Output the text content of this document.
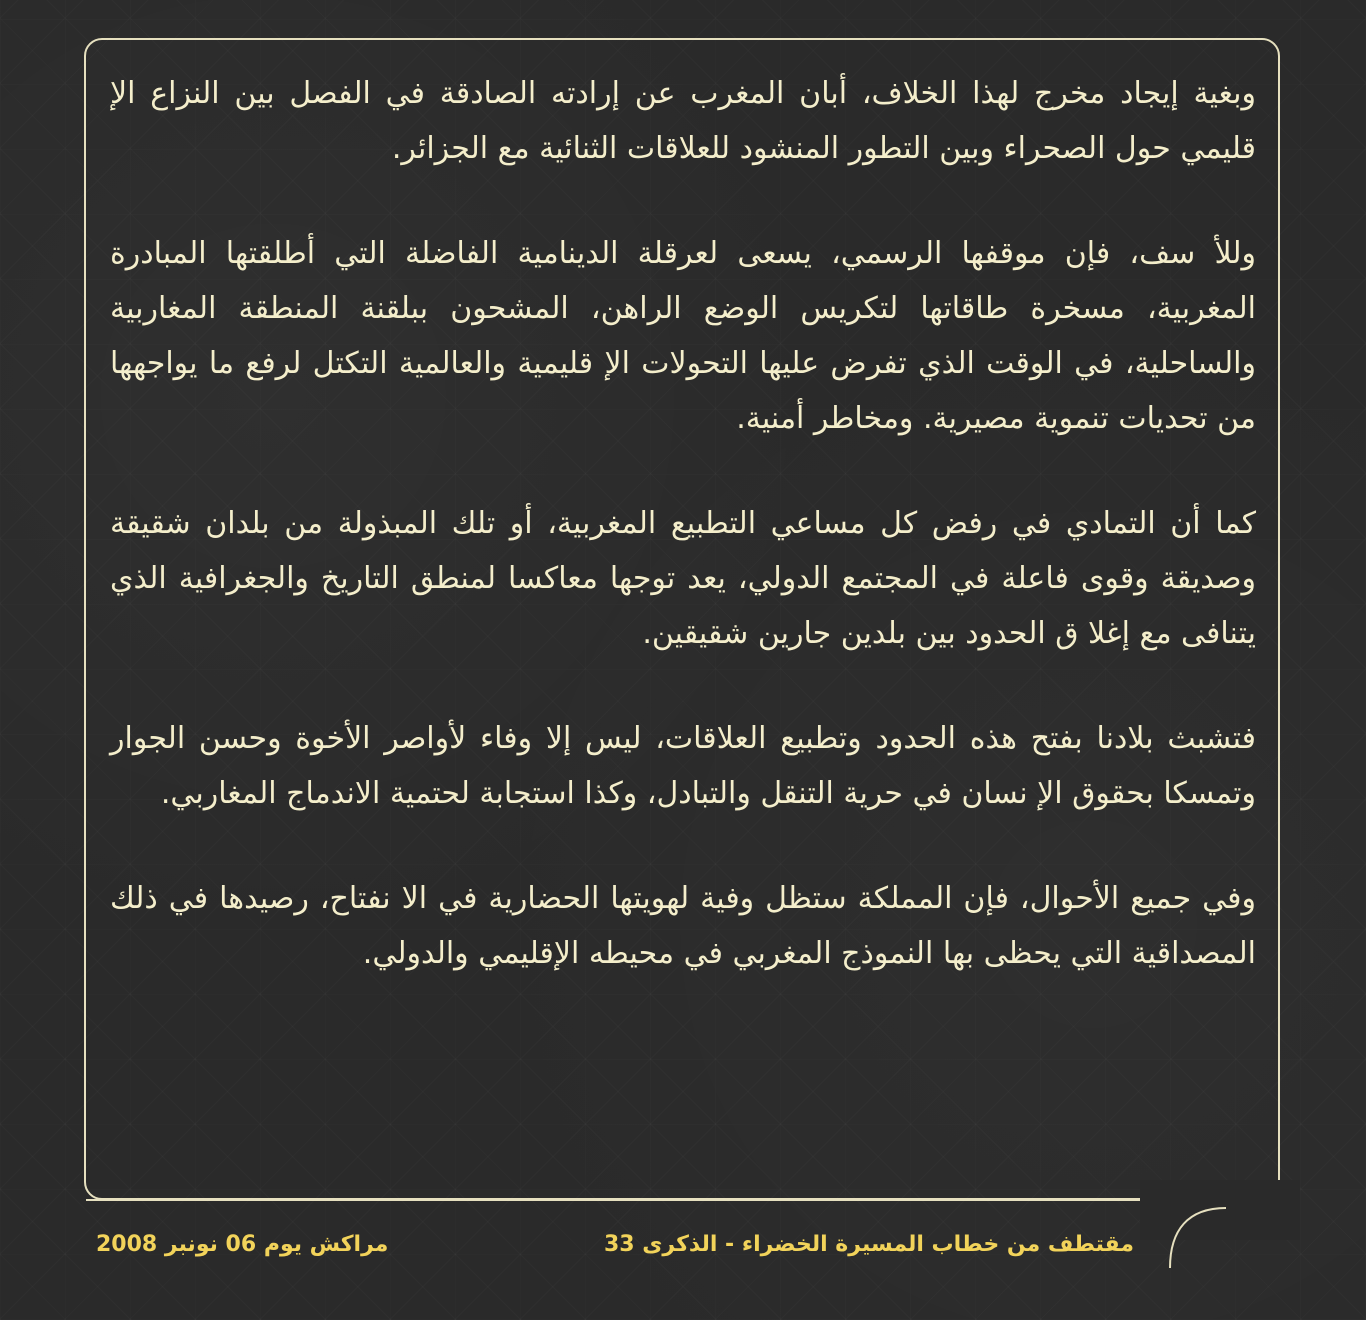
وبغية إيجاد مخرج لهذا الخلاف، أبان المغرب عن إرادته الصادقة في الفصل بين النزاع الإ قليمي حول الصحراء وبين التطور المنشود للعلاقات الثنائية مع الجزائر.

وللأ سف، فإن موقفها الرسمي، يسعى لعرقلة الدينامية الفاضلة التي أطلقتها المبادرة المغربية، مسخرة طاقاتها لتكريس الوضع الراهن، المشحون ببلقنة المنطقة المغاربية والساحلية، في الوقت الذي تفرض عليها التحولات الإ قليمية والعالمية التكتل لرفع ما يواجهها من تحديات تنموية مصيرية. ومخاطر أمنية.

كما أن التمادي في رفض كل مساعي التطبيع المغربية، أو تلك المبذولة من بلدان شقيقة وصديقة وقوى فاعلة في المجتمع الدولي، يعد توجها معاكسا لمنطق التاريخ والجغرافية الذي يتنافى مع إغلا ق الحدود بين بلدين جارين شقيقين.

فتشبث بلادنا بفتح هذه الحدود وتطبيع العلاقات، ليس إلا وفاء لأواصر الأخوة وحسن الجوار وتمسكا بحقوق الإ نسان في حرية التنقل والتبادل، وكذا استجابة لحتمية الاندماج المغاربي.

وفي جميع الأحوال، فإن المملكة ستظل وفية لهويتها الحضارية في الا نفتاح، رصيدها في ذلك المصداقية التي يحظى بها النموذج المغربي في محيطه الإقليمي والدولي.

مقتطف من خطاب المسيرة الخضراء - الذكرى 33
مراكش يوم 06 نونبر 2008
